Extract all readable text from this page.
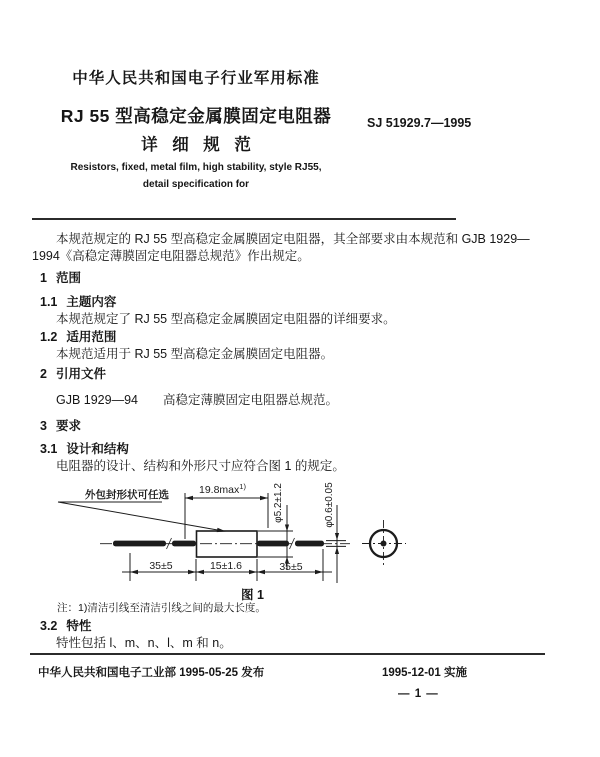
中华人民共和国电子行业军用标准
RJ 55 型高稳定金属膜固定电阻器
详 细 规 范
SJ 51929.7—1995
Resistors, fixed, metal film, high stability, style RJ55,
detail specification for
本规范规定的 RJ 55 型高稳定金属膜固定电阻器，其全部要求由本规范和 GJB 1929—
1994《高稳定薄膜固定电阻器总规范》作出规定。
1 范围
1.1 主题内容
本规范规定了 RJ 55 型高稳定金属膜固定电阻器的详细要求。
1.2 适用范围
本规范适用于 RJ 55 型高稳定金属膜固定电阻器。
2 引用文件
GJB 1929—94　　高稳定薄膜固定电阻器总规范。
3 要求
3.1 设计和结构
电阻器的设计、结构和外形尺寸应符合图 1 的规定。
外包封形状可任选	$19.8\max^{1)}$	φ5.2±1.2	φ0.6±0.05
35±5	15±1.6	35±5
图 1
注：1)清洁引线至清洁引线之间的最大长度。
3.2 特性
特性包括 l、m、n、l、m 和 n。
中华人民共和国电子工业部 1995-05-25 发布	1995-12-01 实施
— 1 —
